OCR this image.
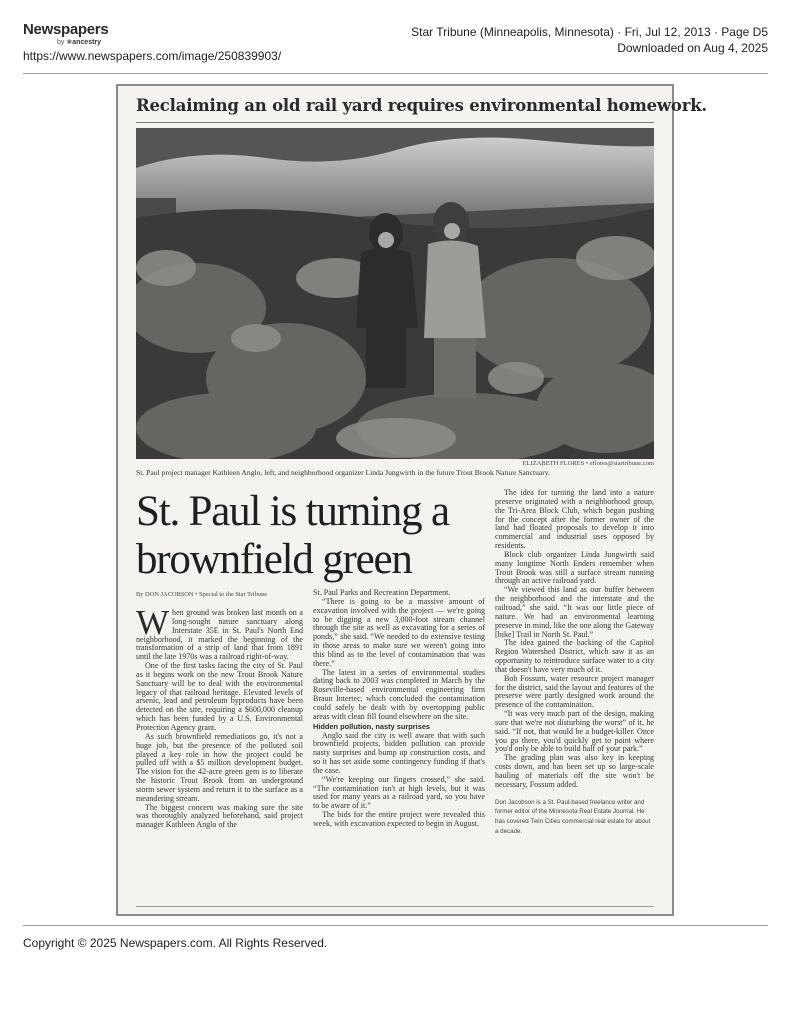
Newspapers
by ❀ancestry
https://www.newspapers.com/image/250839903/
Star Tribune (Minneapolis, Minnesota) · Fri, Jul 12, 2013 · Page D5
Downloaded on Aug 4, 2025
Reclaiming an old rail yard requires environmental homework.
ELIZABETH FLORES • eflores@startribune.com
St. Paul project manager Kathleen Anglo, left, and neighborhood organizer Linda Jungwirth in the future Trout Brook Nature Sanctuary.
St. Paul is turning a brownfield green
By DON JACOBSON • Special to the Star Tribune

When ground was broken last month on a long-sought nature sanctuary along Interstate 35E in St. Paul's North End neighborhood, it marked the beginning of the transformation of a strip of land that from 1891 until the late 1970s was a railroad right-of-way.

One of the first tasks facing the city of St. Paul as it begins work on the new Trout Brook Nature Sanctuary will be to deal with the environmental legacy of that railroad heritage. Elevated levels of arsenic, lead and petroleum byproducts have been detected on the site, requiring a $600,000 cleanup which has been funded by a U.S. Environmental Protection Agency grant.

As such brownfield remediations go, it's not a huge job, but the presence of the polluted soil played a key role in how the project could be pulled off with a $5 million development budget. The vision for the 42-acre green gem is to liberate the historic Trout Brook from an underground storm sewer system and return it to the surface as a meandering stream.

The biggest concern was making sure the site was thoroughly analyzed beforehand, said project manager Kathleen Anglo of the

St. Paul Parks and Recreation Department.

“There is going to be a massive amount of excavation involved with the project — we're going to be digging a new 3,000-foot stream channel through the site as well as excavating for a series of ponds,” she said. “We needed to do extensive testing in those areas to make sure we weren't going into this blind as to the level of contamination that was there.”

The latest in a series of environmental studies dating back to 2003 was completed in March by the Roseville-based environmental engineering firm Braun Intertec, which concluded the contamination could safely be dealt with by overtopping public areas with clean fill found elsewhere on the site.

Hidden pollution, nasty surprises

Anglo said the city is well aware that with such brownfield projects, hidden pollution can provide nasty surprises and bump up construction costs, and so it has set aside some contingency funding if that's the case.

“We're keeping our fingers crossed,” she said. “The contamination isn't at high levels, but it was used for many years as a railroad yard, so you have to be aware of it.”

The bids for the entire project were revealed this week, with excavation expected to begin in August.

The idea for turning the land into a nature preserve originated with a neighborhood group, the Tri-Area Block Club, which began pushing for the concept after the former owner of the land had floated proposals to develop it into commercial and industrial uses opposed by residents.

Block club organizer Linda Jungwirth said many longtime North Enders remember when Trout Brook was still a surface stream running through an active railroad yard.

“We viewed this land as our buffer between the neighborhood and the interstate and the railroad,” she said. “It was our little piece of nature. We had an environmental learning preserve in mind, like the one along the Gateway [bike] Trail in North St. Paul.”

The idea gained the backing of the Capitol Region Watershed District, which saw it as an opportunity to reintroduce surface water to a city that doesn't have very much of it.

Bob Fossum, water resource project manager for the district, said the layout and features of the preserve were partly designed work around the presence of the contamination.

“It was very much part of the design, making sure that we're not disturbing the worst” of it, he said. “If not, that would be a budget-killer. Once you go there, you'd quickly get to point where you'd only be able to build half of your park.”

The grading plan was also key in keeping costs down, and has been set up so large-scale hauling of materials off the site won't be necessary, Fossum added.

Don Jacobson is a St. Paul-based freelance writer and former editor of the Minnesota Real Estate Journal. He has covered Twin Cities commercial real estate for about a decade.
Copyright © 2025 Newspapers.com. All Rights Reserved.
